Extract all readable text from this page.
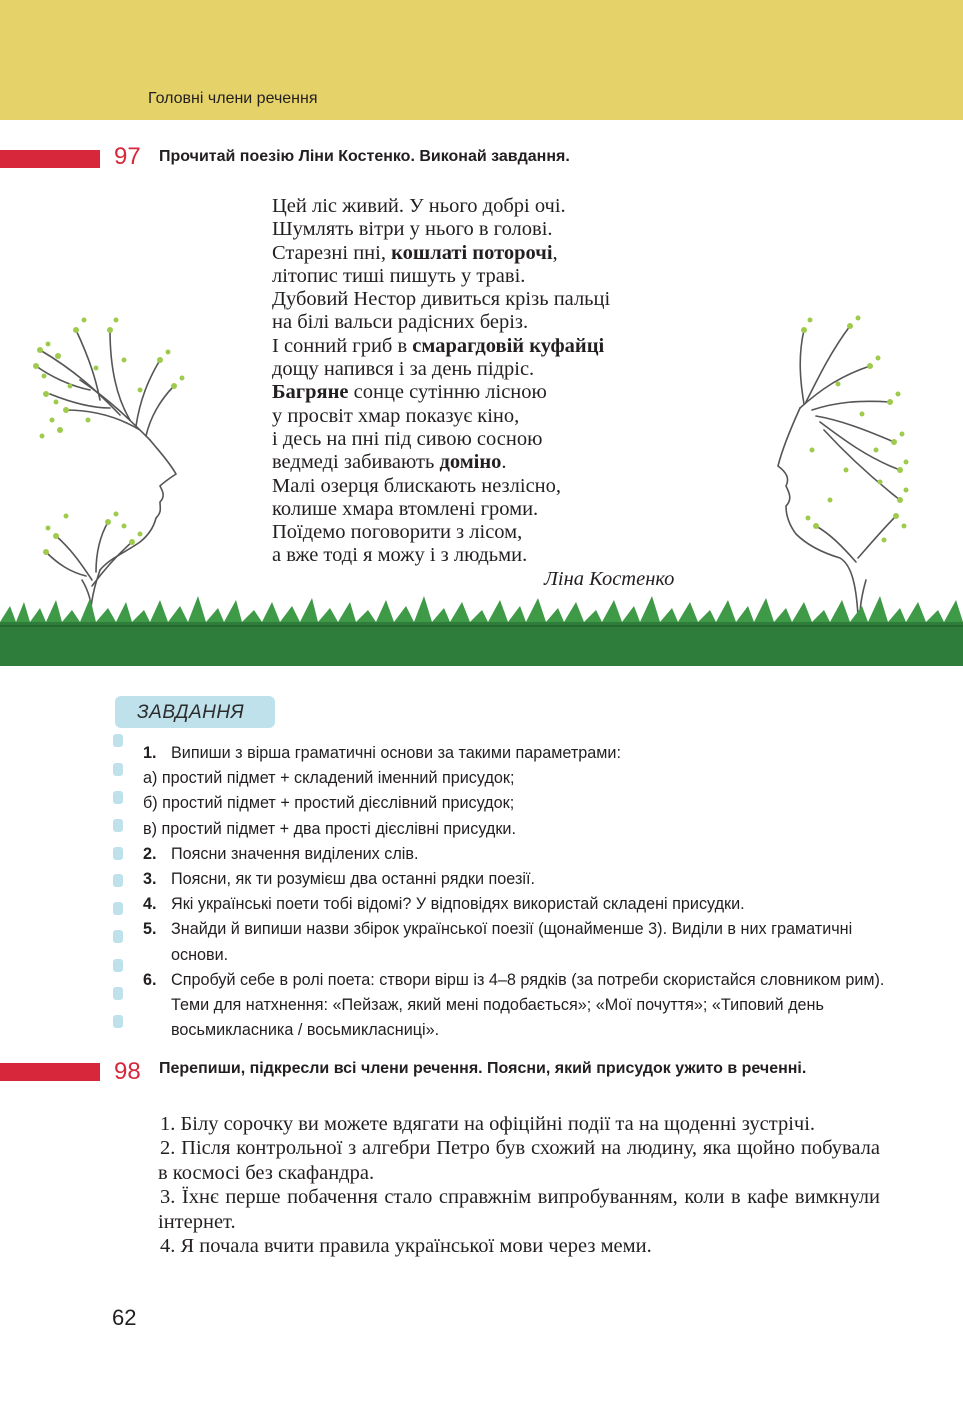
Головні члени речення
97 Прочитай поезію Ліни Костенко. Виконай завдання.
Цей ліс живий. У нього добрі очі.
Шумлять вітри у нього в голові.
Старезні пні, кошлаті поторочі,
літопис тиші пишуть у траві.
Дубовий Нестор дивиться крізь пальці
на білі вальси радісних беріз.
І сонний гриб в смарагдовій куфайці
дощу напився і за день підріс.
Багряне сонце сутінню лісною
у просвіт хмар показує кіно,
і десь на пні під сивою сосною
ведмеді забивають доміно.
Малі озерця блискають незлісно,
колише хмара втомлені громи.
Поїдемо поговорити з лісом,
а вже тоді я можу і з людьми.
Ліна Костенко
ЗАВДАННЯ
1. Випиши з вірша граматичні основи за такими параметрами:
а) простий підмет + складений іменний присудок;
б) простий підмет + простий дієслівний присудок;
в) простий підмет + два прості дієслівні присудки.
2. Поясни значення виділених слів.
3. Поясни, як ти розумієш два останні рядки поезії.
4. Які українські поети тобі відомі? У відповідях використай складені присудки.
5. Знайди й випиши назви збірок української поезії (щонайменше 3). Виділи в них граматичні основи.
6. Спробуй себе в ролі поета: створи вірш із 4–8 рядків (за потреби скористайся словником рим). Теми для натхнення: «Пейзаж, який мені подобається»; «Мої почуття»; «Типовий день восьмикласника / восьмикласниці».
98 Перепиши, підкресли всі члени речення. Поясни, який присудок ужито в реченні.

1. Білу сорочку ви можете вдягати на офіційні події та на щоденні зустрічі.

2. Після контрольної з алгебри Петро був схожий на людину, яка щойно побувала в космосі без скафандра.

3. Їхнє перше побачення стало справжнім випробуванням, коли в кафе вимкнули інтернет.

4. Я почала вчити правила української мови через меми.

62
